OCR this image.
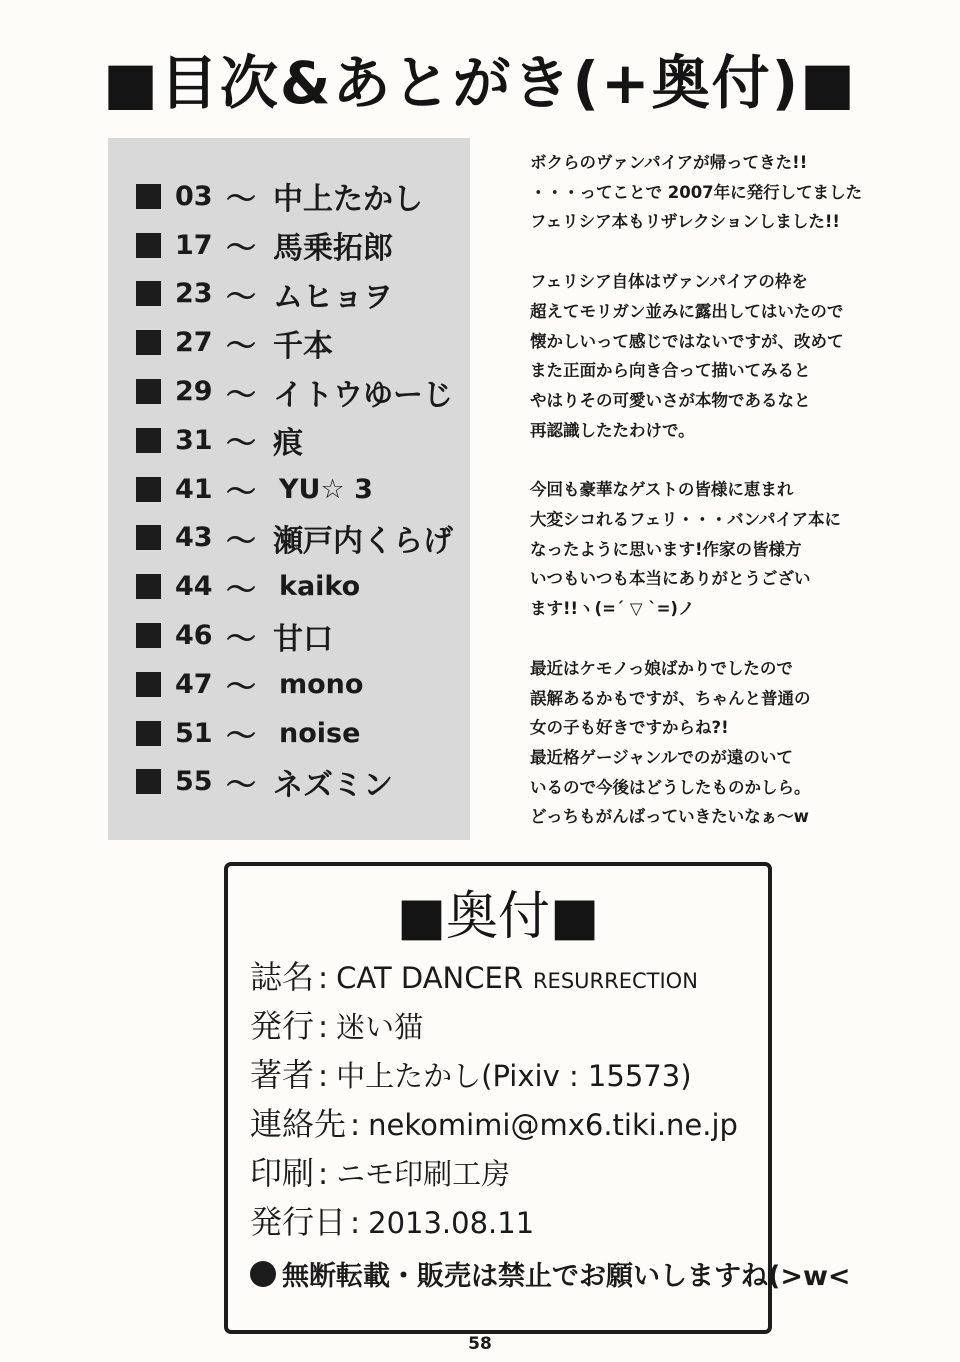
■目次&あとがき(+奥付)■
03 ～ 中上たかし
17 ～ 馬乗拓郎
23 ～ ムヒョヲ
27 ～ 千本
29 ～ イトウゆーじ
31 ～ 痕
41 ～ YU☆ 3
43 ～ 瀬戸内くらげ
44 ～ kaiko
46 ～ 甘口
47 ～ mono
51 ～ noise
55 ～ ネズミン

ボクらのヴァンパイアが帰ってきた!!
・・・ってことで 2007年に発行してました
フェリシア本もリザレクションしました!!

フェリシア自体はヴァンパイアの枠を
超えてモリガン並みに露出してはいたので
懐かしいって感じではないですが、改めて
また正面から向き合って描いてみると
やはりその可愛いさが本物であるなと
再認識したたわけで。

今回も豪華なゲストの皆様に恵まれ
大変シコれるフェリ・・・バンパイア本に
なったように思います!作家の皆様方
いつもいつも本当にありがとうござい
ます!!ヽ(=´ ▽ `=)ノ

最近はケモノっ娘ばかりでしたので
誤解あるかもですが、ちゃんと普通の
女の子も好きですからね?!
最近格ゲージャンルでのが遠のいて
いるので今後はどうしたものかしら。
どっちもがんばっていきたいなぁ～w

■奥付■
誌名 : CAT DANCER RESURRECTION
発行 : 迷い猫
著者 : 中上たかし(Pixiv : 15573)
連絡先 : nekomimi@mx6.tiki.ne.jp
印刷 : ニモ印刷工房
発行日 : 2013.08.11
無断転載・販売は禁止でお願いしますね(>w<
58
